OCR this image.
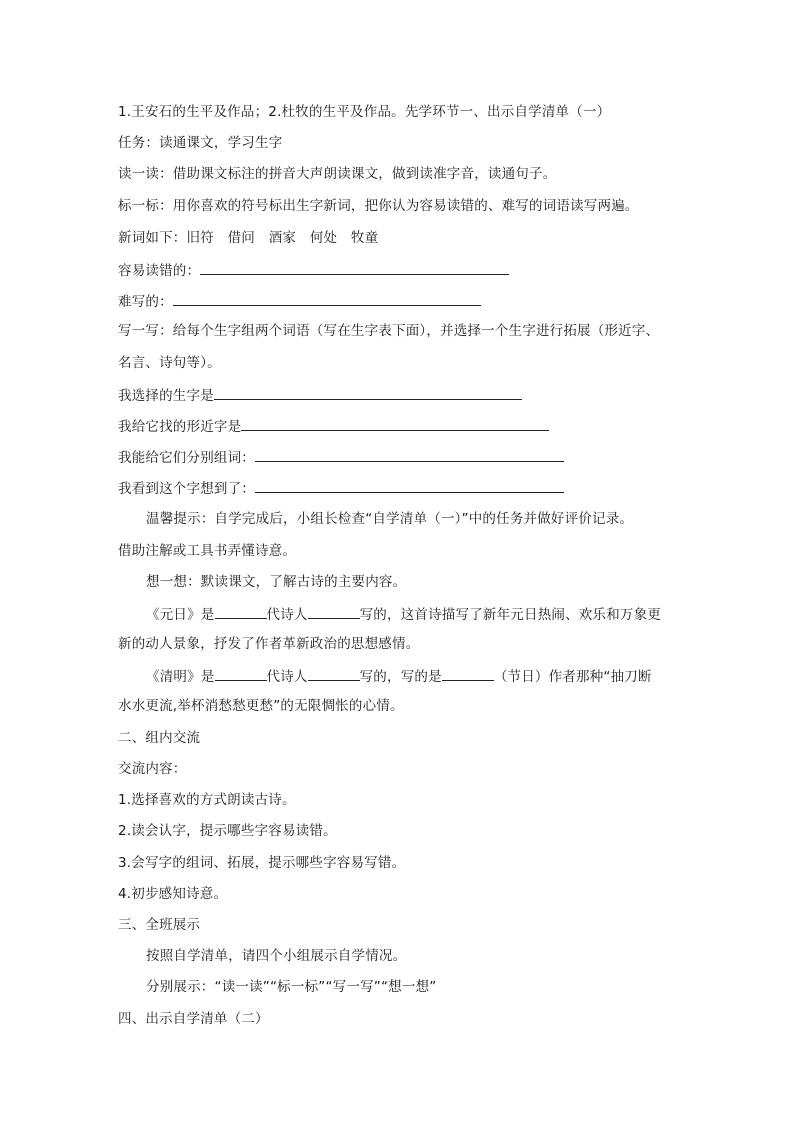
1.王安石的生平及作品；2.杜牧的生平及作品。先学环节一、出示自学清单（一）
任务：读通课文，学习生字
读一读：借助课文标注的拼音大声朗读课文，做到读准字音，读通句子。
标一标：用你喜欢的符号标出生字新词，把你认为容易读错的、难写的词语读写两遍。
新词如下：旧符　借问　酒家　何处　牧童
容易读错的：
难写的：
写一写：给每个生字组两个词语（写在生字表下面），并选择一个生字进行拓展（形近字、
名言、诗句等）。
我选择的生字是
我给它找的形近字是
我能给它们分别组词：
我看到这个字想到了：
温馨提示：自学完成后，小组长检查“自学清单（一）”中的任务并做好评价记录。
借助注解或工具书弄懂诗意。
想一想：默读课文，了解古诗的主要内容。
《元日》是	代诗人	写的，这首诗描写了新年元日热闹、欢乐和万象更
新的动人景象，抒发了作者革新政治的思想感情。
《清明》是	代诗人	写的，写的是	（节日）作者那种“抽刀断
水水更流,举杯消愁愁更愁”的无限惆怅的心情。
二、组内交流
交流内容：
1.选择喜欢的方式朗读古诗。
2.读会认字，提示哪些字容易读错。
3.会写字的组词、拓展，提示哪些字容易写错。
4.初步感知诗意。
三、全班展示
按照自学清单，请四个小组展示自学情况。
分别展示：“读一读”“标一标”“写一写”“想一想”
四、出示自学清单（二）
